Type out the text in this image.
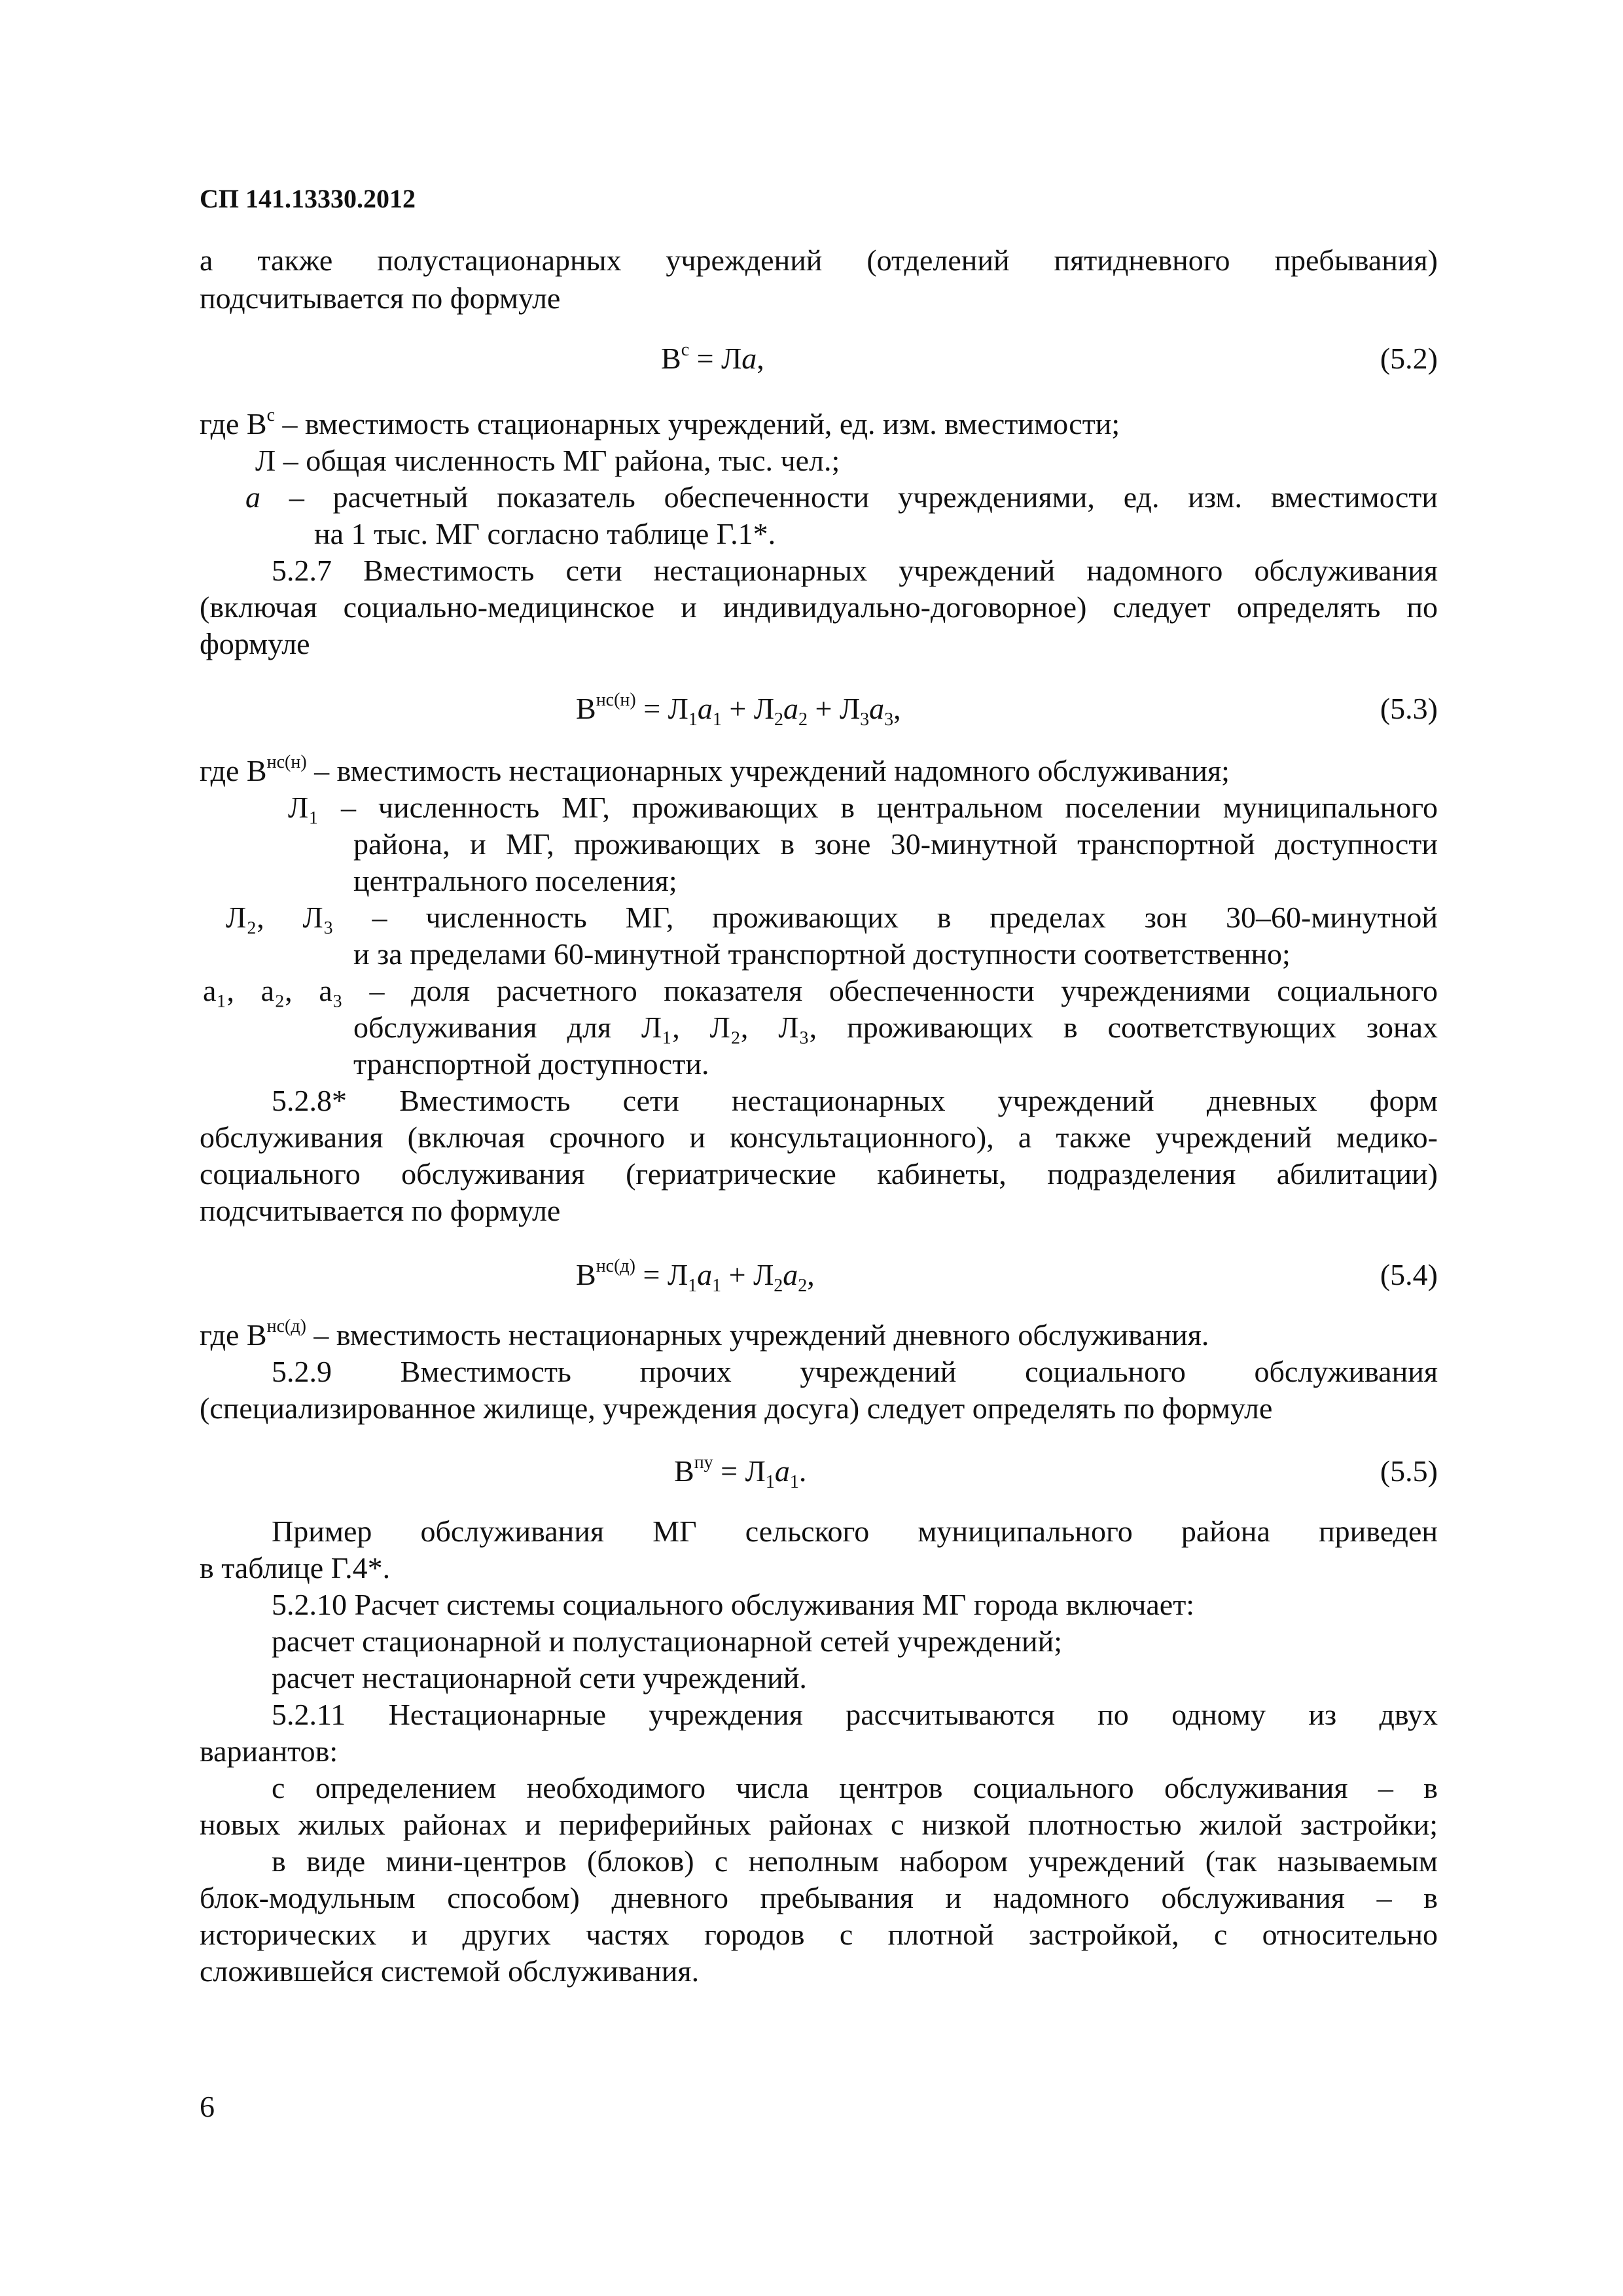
СП 141.13330.2012
а также полустационарных учреждений (отделений пятидневного пребывания)
подсчитывается по формуле
$В^с$ = Лa,	(5.2)
где $В^с$ – вместимость стационарных учреждений, ед. изм. вместимости;
Л – общая численность МГ района, тыс. чел.;
a – расчетный показатель обеспеченности учреждениями, ед. изм. вместимости
на 1 тыс. МГ согласно таблице Г.1*.
5.2.7 Вместимость сети нестационарных учреждений надомного обслуживания
(включая социально-медицинское и индивидуально-договорное) следует определять по
формуле
$В^{нс(н)} = Л_1a_1 + Л_2a_2 + Л_3a_3$,	(5.3)
где $В^{нс(н)}$ – вместимость нестационарных учреждений надомного обслуживания;
Л₁ – численность МГ, проживающих в центральном поселении муниципального
района, и МГ, проживающих в зоне 30-минутной транспортной доступности
центрального поселения;
Л₂, Л₃ – численность МГ, проживающих в пределах зон 30–60-минутной
и за пределами 60-минутной транспортной доступности соответственно;
a₁, a₂, a₃ – доля расчетного показателя обеспеченности учреждениями социального
обслуживания для Л₁, Л₂, Л₃, проживающих в соответствующих зонах
транспортной доступности.
5.2.8* Вместимость сети нестационарных учреждений дневных форм
обслуживания (включая срочного и консультационного), а также учреждений медико-
социального обслуживания (гериатрические кабинеты, подразделения абилитации)
подсчитывается по формуле
$В^{нс(д)} = Л_1a_1 + Л_2a_2$,	(5.4)
где $В^{нс(д)}$ – вместимость нестационарных учреждений дневного обслуживания.
5.2.9 Вместимость прочих учреждений социального обслуживания
(специализированное жилище, учреждения досуга) следует определять по формуле
$В^{пу} = Л_1a_1$.	(5.5)
Пример обслуживания МГ сельского муниципального района приведен
в таблице Г.4*.
5.2.10 Расчет системы социального обслуживания МГ города включает:
расчет стационарной и полустационарной сетей учреждений;
расчет нестационарной сети учреждений.
5.2.11 Нестационарные учреждения рассчитываются по одному из двух
вариантов:
с определением необходимого числа центров социального обслуживания – в
новых жилых районах и периферийных районах с низкой плотностью жилой застройки;
в виде мини-центров (блоков) с неполным набором учреждений (так называемым
блок-модульным способом) дневного пребывания и надомного обслуживания – в
исторических и других частях городов с плотной застройкой, с относительно
сложившейся системой обслуживания.
6
